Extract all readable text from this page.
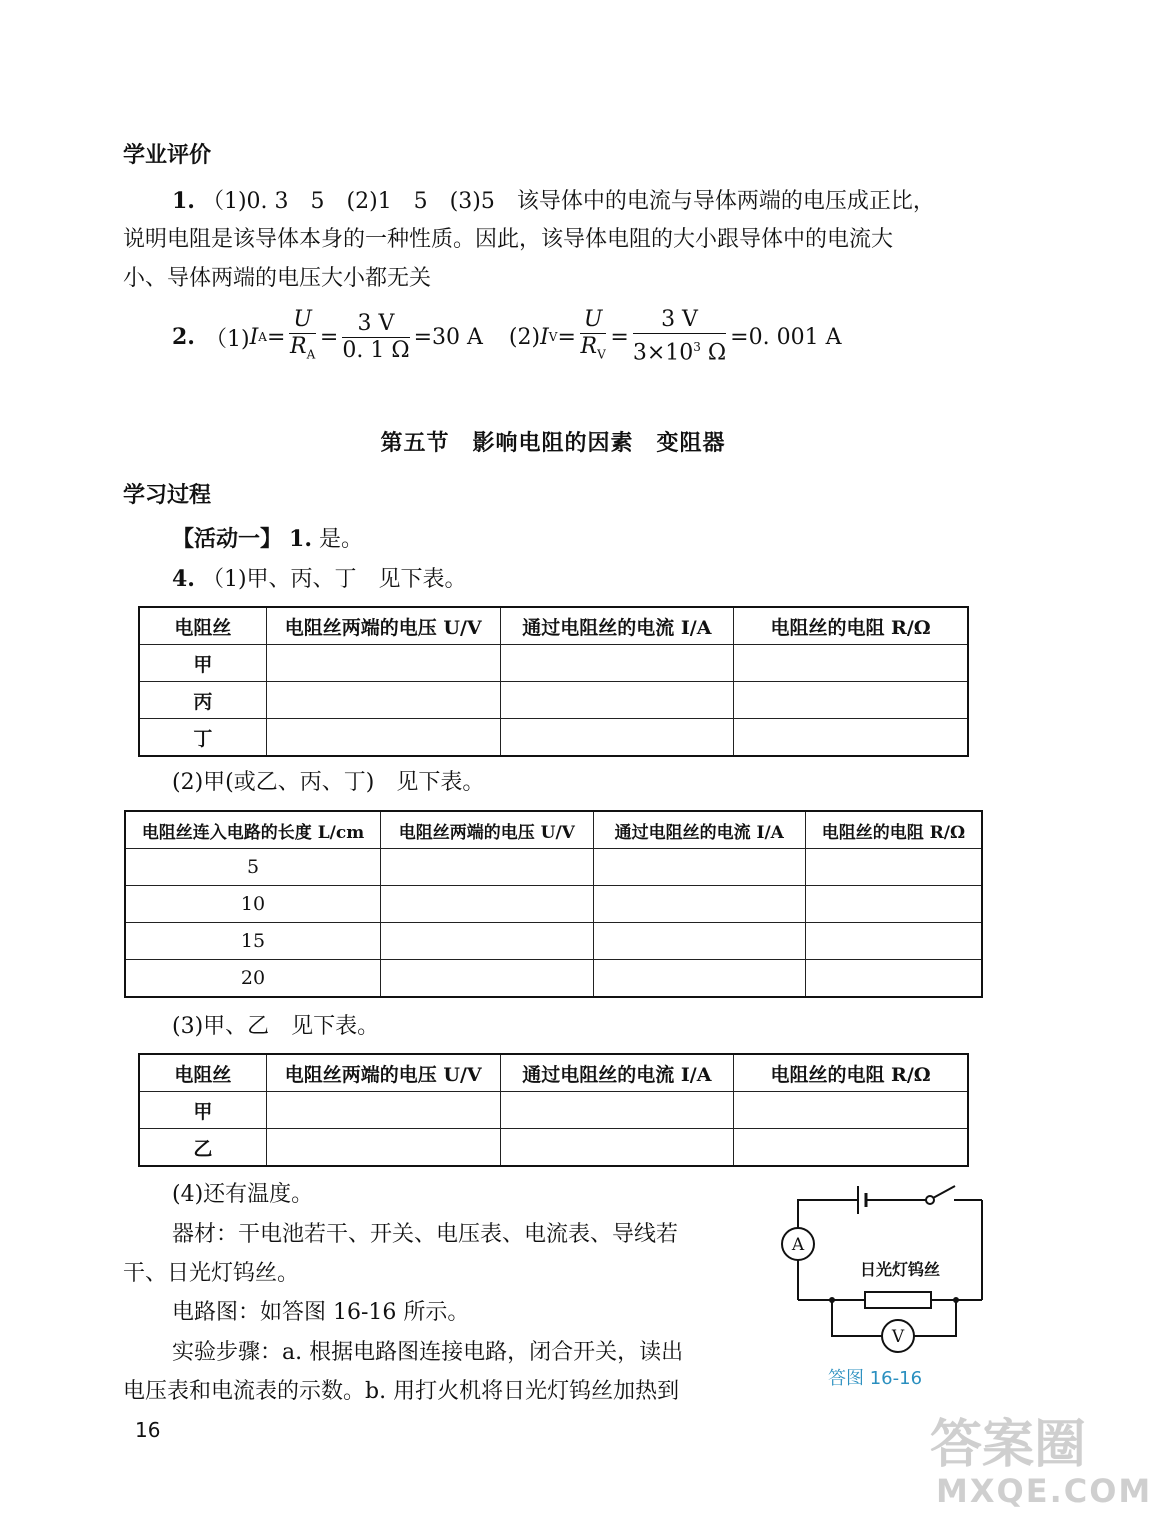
学业评价
1. （1)0. 3　5　(2)1　5　(3)5　该导体中的电流与导体两端的电压成正比，
说明电阻是该导体本身的一种性质。因此，该导体电阻的大小跟导体中的电流大
小、导体两端的电压大小都无关
2. （1) I $A = \frac{U}{R_A} = \frac{3 V}{0. 1 \Omega} =30$ A (2) I $V = \frac{U}{R_V} = \frac{3 V}{3\times 10^3 \Omega} =0$. 001 A
第五节　影响电阻的因素　变阻器
学习过程
【活动一】 1. 是。
4. （1)甲、丙、丁　见下表。
电阻丝	电阻丝两端的电压 U/V	通过电阻丝的电流 I/A	电阻丝的电阻 R/Ω
甲			
丙			
丁			
(2)甲(或乙、丙、丁)　见下表。
电阻丝连入电路的长度 L/cm	电阻丝两端的电压 U/V	通过电阻丝的电流 I/A	电阻丝的电阻 R/Ω
5			
10			
15			
20			
(3)甲、乙　见下表。
电阻丝	电阻丝两端的电压 U/V	通过电阻丝的电流 I/A	电阻丝的电阻 R/Ω
甲			
乙			
(4)还有温度。
器材：干电池若干、开关、电压表、电流表、导线若
干、日光灯钨丝。
电路图：如答图 16-16 所示。
实验步骤：a. 根据电路图连接电路，闭合开关，读出
电压表和电流表的示数。b. 用打火机将日光灯钨丝加热到
A
V
日光灯钨丝
答图 16-16
16	答案圈
MXQE.COM
